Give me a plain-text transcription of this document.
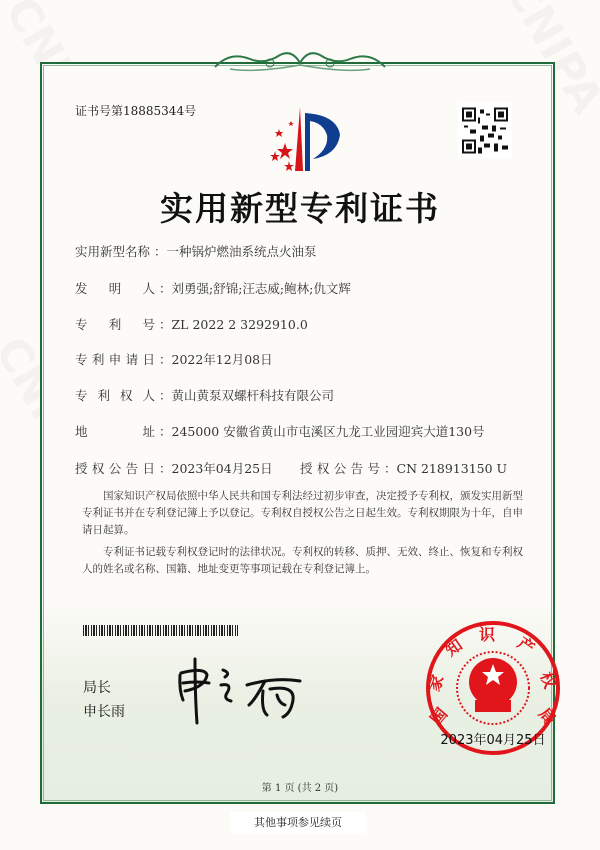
证书号第18885344号
实用新型专利证书
实用新型名称 ：一种锅炉燃油系统点火油泵
发明人 ：刘勇强;舒锦;汪志威;鲍林;仇文辉
专利号 ：ZL 2022 2 3292910.0
专利申请日 ：2022年12月08日
专利权人 ：黄山黄泵双螺杆科技有限公司
地址 ：245000 安徽省黄山市屯溪区九龙工业园迎宾大道130号
授权公告日 ：2023年04月25日 授权公告号 ：CN 218913150 U

国家知识产权局依照中华人民共和国专利法经过初步审查，决定授予专利权，颁发实用新型专利证书并在专利登记簿上予以登记。专利权自授权公告之日起生效。专利权期限为十年，自申请日起算。

专利证书记载专利权登记时的法律状况。专利权的转移、质押、无效、终止、恢复和专利权人的姓名或名称、国籍、地址变更等事项记载在专利登记簿上。

局长
申长雨	国
家
知
识 产
权
局
2023年04月25日
第 1 页 (共 2 页)
其他事项参见续页
